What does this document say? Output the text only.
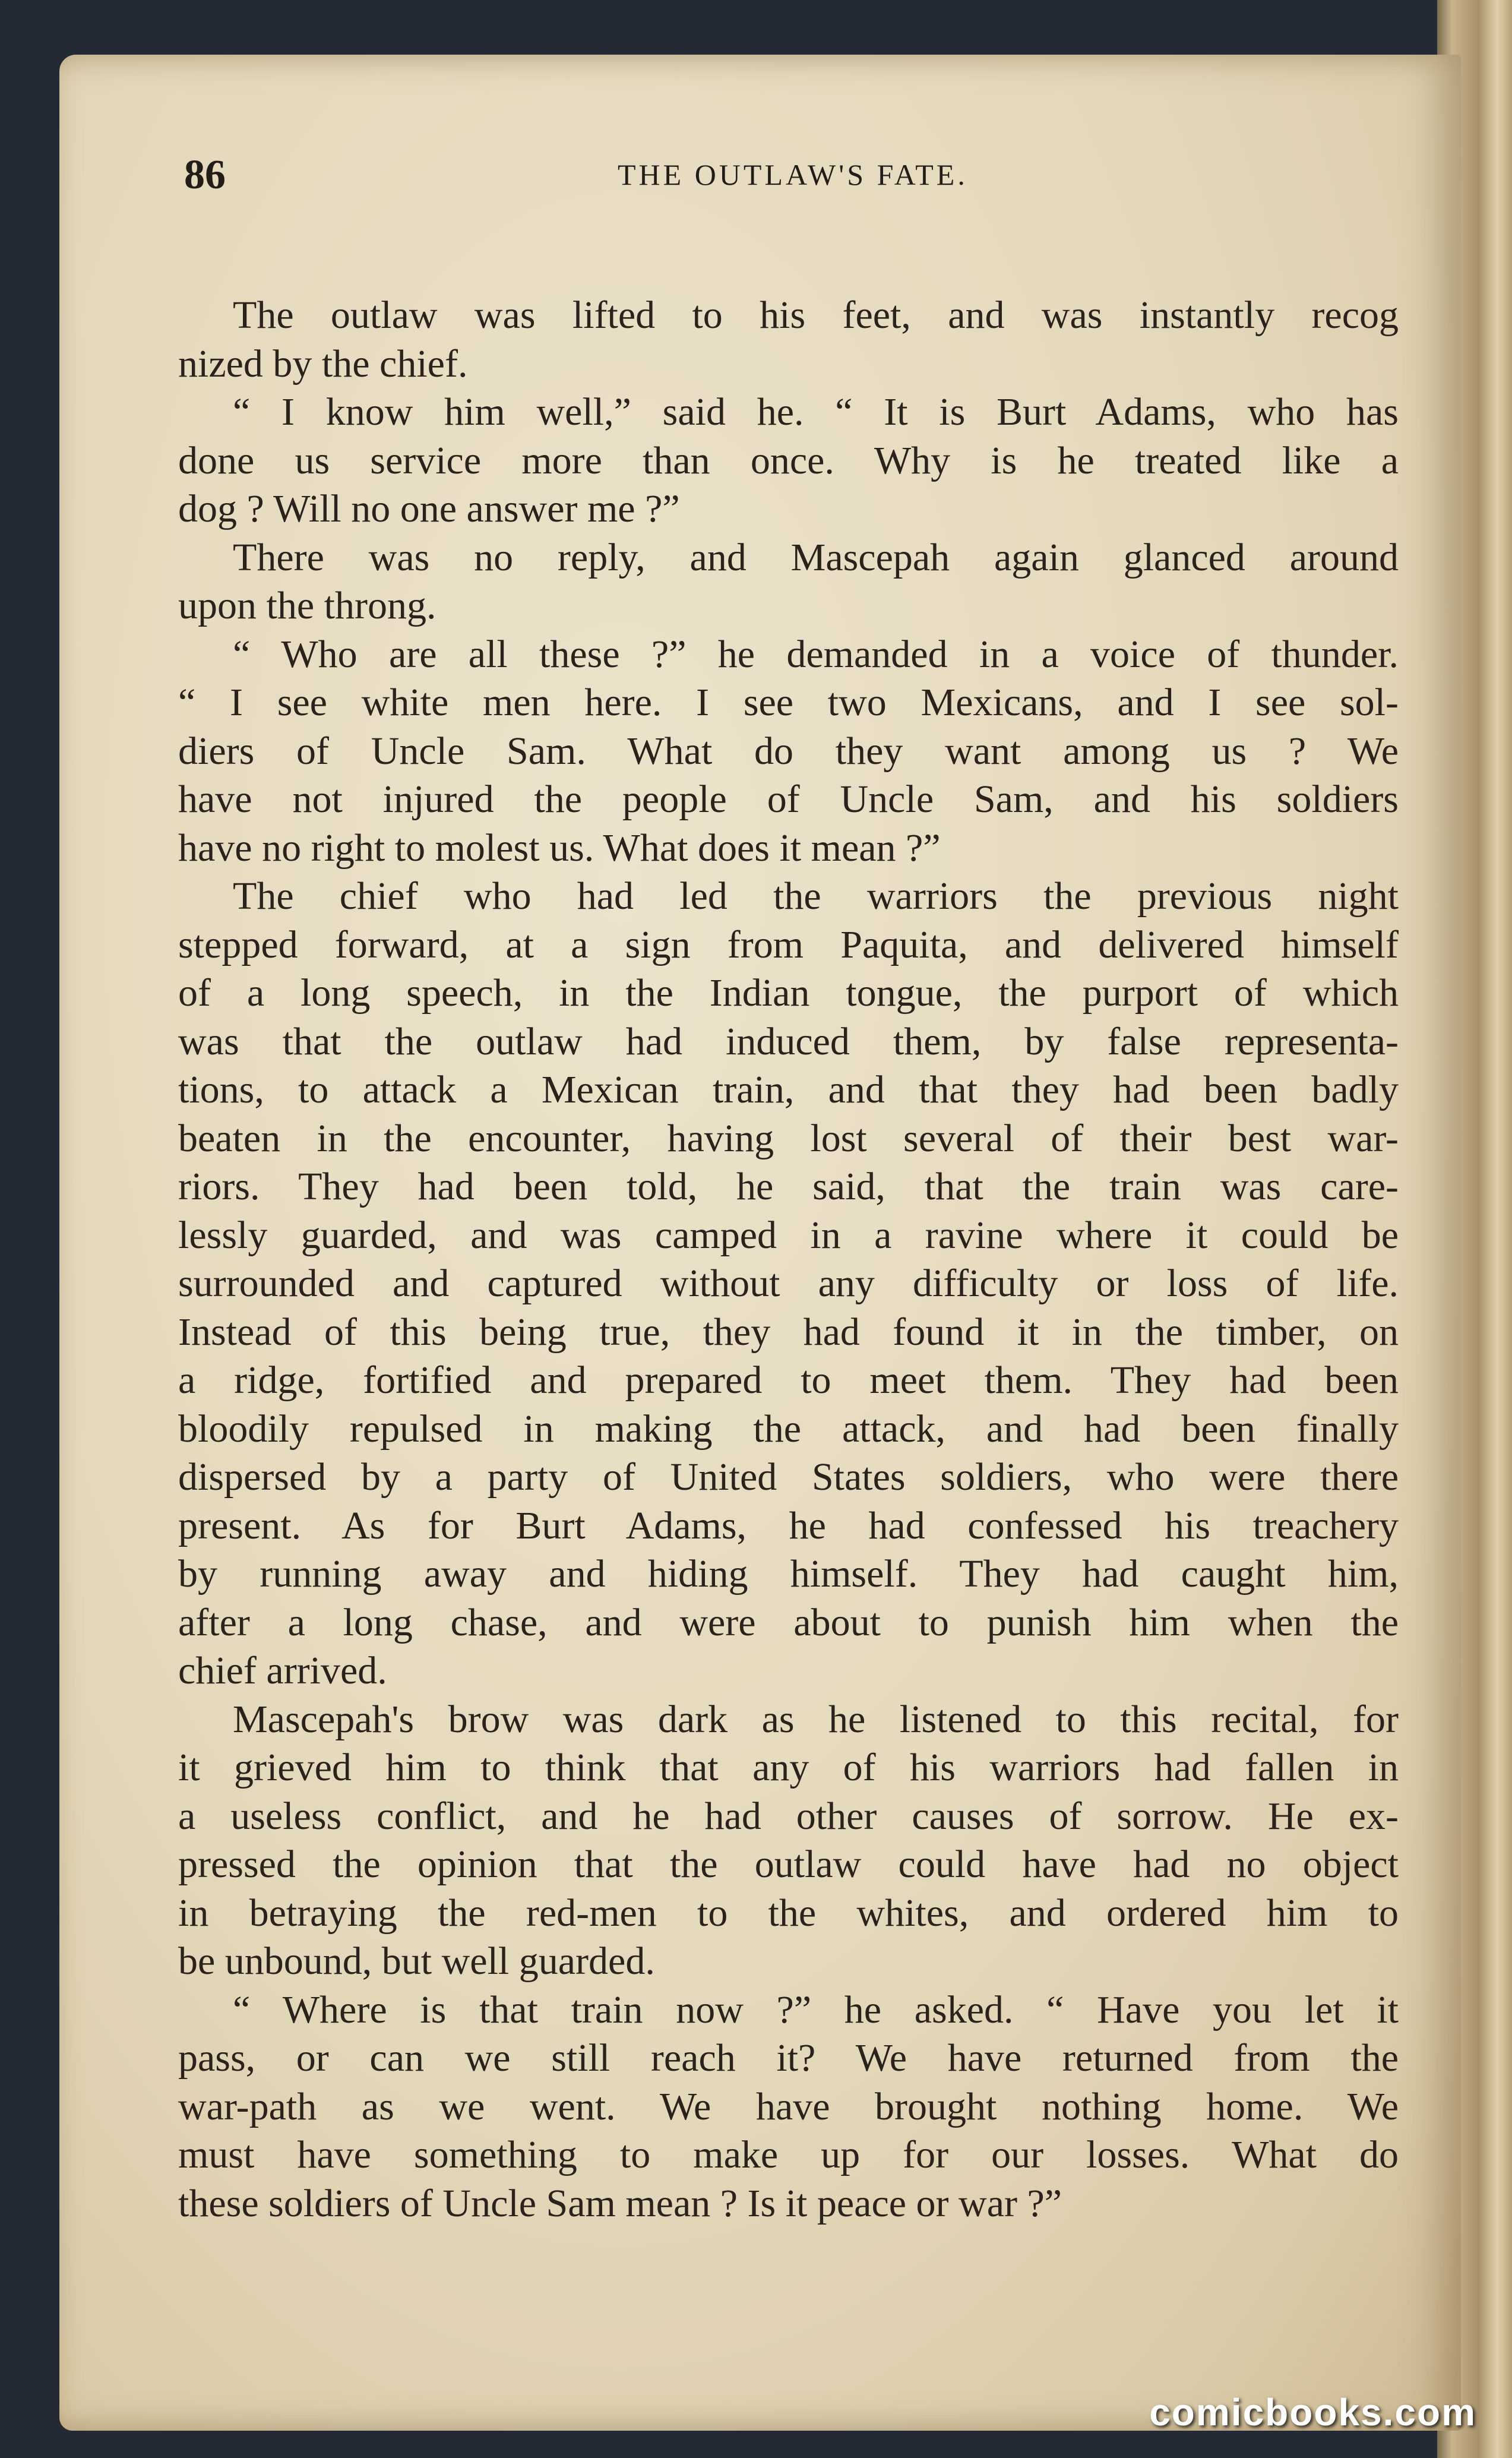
86	THE OUTLAW'S FATE.
The outlaw was lifted to his feet, and was instantly recog
nized by the chief.
“ I know him well,” said he. “ It is Burt Adams, who has
done us service more than once. Why is he treated like a
dog ? Will no one answer me ?”
There was no reply, and Mascepah again glanced around
upon the throng.
“ Who are all these ?” he demanded in a voice of thunder.
“ I see white men here. I see two Mexicans, and I see sol-
diers of Uncle Sam. What do they want among us ? We
have not injured the people of Uncle Sam, and his soldiers
have no right to molest us. What does it mean ?”
The chief who had led the warriors the previous night
stepped forward, at a sign from Paquita, and delivered himself
of a long speech, in the Indian tongue, the purport of which
was that the outlaw had induced them, by false representa-
tions, to attack a Mexican train, and that they had been badly
beaten in the encounter, having lost several of their best war-
riors. They had been told, he said, that the train was care-
lessly guarded, and was camped in a ravine where it could be
surrounded and captured without any difficulty or loss of life.
Instead of this being true, they had found it in the timber, on
a ridge, fortified and prepared to meet them. They had been
bloodily repulsed in making the attack, and had been finally
dispersed by a party of United States soldiers, who were there
present. As for Burt Adams, he had confessed his treachery
by running away and hiding himself. They had caught him,
after a long chase, and were about to punish him when the
chief arrived.
Mascepah's brow was dark as he listened to this recital, for
it grieved him to think that any of his warriors had fallen in
a useless conflict, and he had other causes of sorrow. He ex-
pressed the opinion that the outlaw could have had no object
in betraying the red-men to the whites, and ordered him to
be unbound, but well guarded.
“ Where is that train now ?” he asked. “ Have you let it
pass, or can we still reach it? We have returned from the
war-path as we went. We have brought nothing home. We
must have something to make up for our losses. What do
these soldiers of Uncle Sam mean ? Is it peace or war ?”
comicbooks.com
